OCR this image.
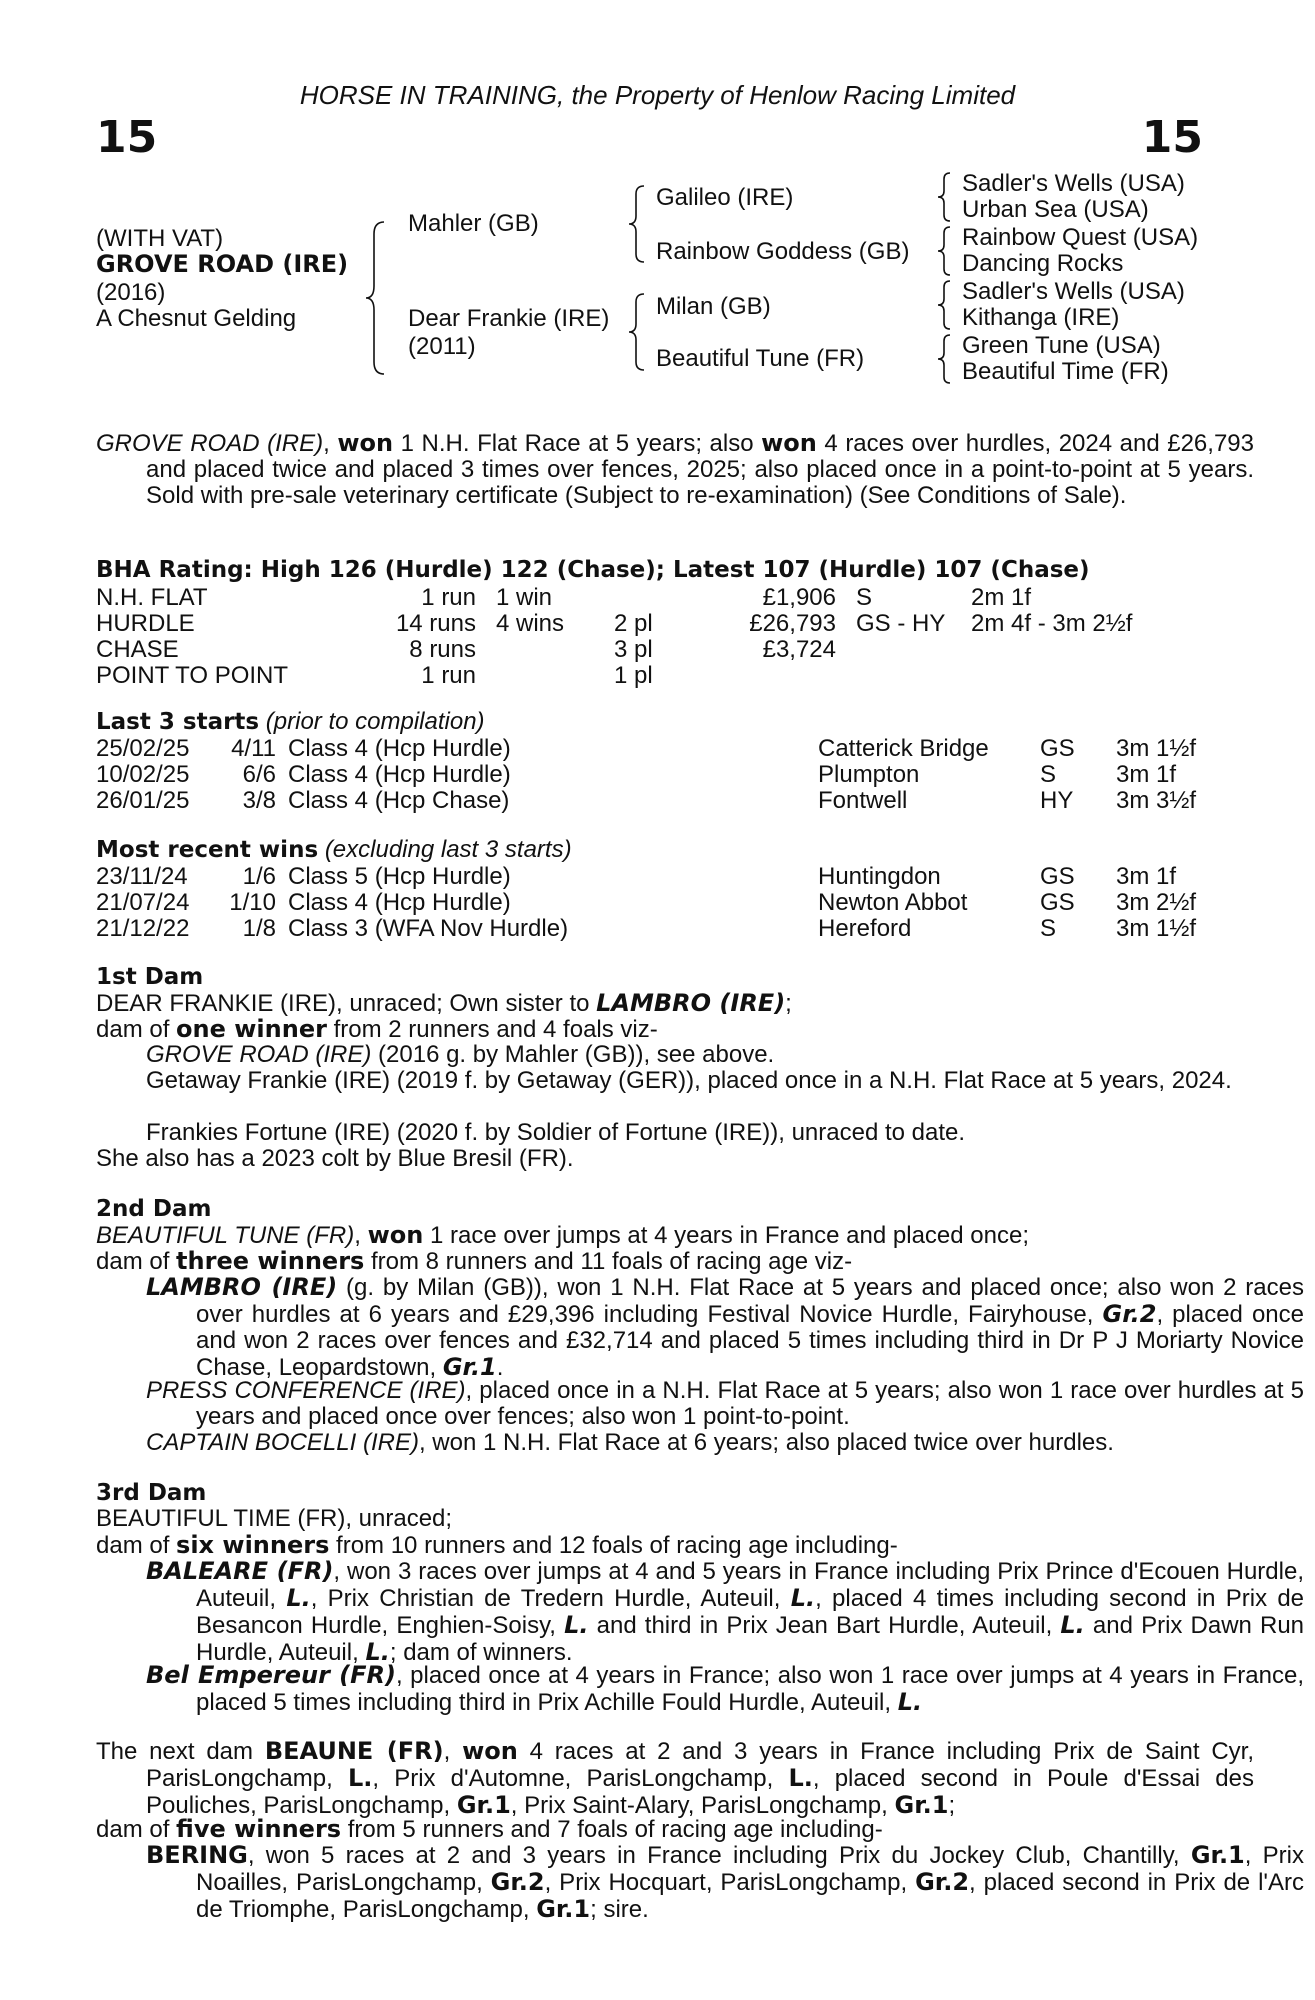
15	15
HORSE IN TRAINING, the Property of Henlow Racing Limited
(WITH VAT)
GROVE ROAD (IRE)
(2016)
A Chesnut Gelding
Mahler (GB)
Dear Frankie (IRE)
(2011)
Galileo (IRE)
Rainbow Goddess (GB)
Milan (GB)
Beautiful Tune (FR)
Sadler's Wells (USA)
Urban Sea (USA)
Rainbow Quest (USA)
Dancing Rocks
Sadler's Wells (USA)
Kithanga (IRE)
Green Tune (USA)
Beautiful Time (FR)
GROVE ROAD (IRE), won 1 N.H. Flat Race at 5 years; also won 4 races over hurdles, 2024 and £26,793 and placed twice and placed 3 times over fences, 2025; also placed once in a point-to-point at 5 years. Sold with pre-sale veterinary certificate (Subject to re-examination) (See Conditions of Sale).
BHA Rating: High 126 (Hurdle) 122 (Chase); Latest 107 (Hurdle) 107 (Chase)
N.H. FLAT	1 run 1 win	£1,906 S	2m 1f
HURDLE	14 runs 4 wins 2 pl	£26,793 GS - HY 2m 4f - 3m 2½f
CHASE	8 runs	3 pl	£3,724
POINT TO POINT	1 run	1 pl
Last 3 starts (prior to compilation)
25/02/25	4/11 Class 4 (Hcp Hurdle)	Catterick Bridge GS 3m 1½f
10/02/25	6/6 Class 4 (Hcp Hurdle)	Plumpton	S 3m 1f
26/01/25	3/8 Class 4 (Hcp Chase)	Fontwell	HY 3m 3½f
Most recent wins (excluding last 3 starts)
23/11/24	1/6 Class 5 (Hcp Hurdle)	Huntingdon	GS 3m 1f
21/07/24	1/10 Class 4 (Hcp Hurdle)	Newton Abbot	GS 3m 2½f
21/12/22	1/8 Class 3 (WFA Nov Hurdle)	Hereford	S 3m 1½f
1st Dam
DEAR FRANKIE (IRE), unraced; Own sister to LAMBRO (IRE);
dam of one winner from 2 runners and 4 foals viz-
GROVE ROAD (IRE) (2016 g. by Mahler (GB)), see above.
Getaway Frankie (IRE) (2019 f. by Getaway (GER)), placed once in a N.H. Flat Race at 5 years, 2024.
Frankies Fortune (IRE) (2020 f. by Soldier of Fortune (IRE)), unraced to date.
She also has a 2023 colt by Blue Bresil (FR).
2nd Dam
BEAUTIFUL TUNE (FR), won 1 race over jumps at 4 years in France and placed once;
dam of three winners from 8 runners and 11 foals of racing age viz-
LAMBRO (IRE) (g. by Milan (GB)), won 1 N.H. Flat Race at 5 years and placed once; also won 2 races over hurdles at 6 years and £29,396 including Festival Novice Hurdle, Fairyhouse, Gr.2, placed once and won 2 races over fences and £32,714 and placed 5 times including third in Dr P J Moriarty Novice Chase, Leopardstown, Gr.1.
PRESS CONFERENCE (IRE), placed once in a N.H. Flat Race at 5 years; also won 1 race over hurdles at 5 years and placed once over fences; also won 1 point-to-point.
CAPTAIN BOCELLI (IRE), won 1 N.H. Flat Race at 6 years; also placed twice over hurdles.
3rd Dam
BEAUTIFUL TIME (FR), unraced;
dam of six winners from 10 runners and 12 foals of racing age including-
BALEARE (FR), won 3 races over jumps at 4 and 5 years in France including Prix Prince d'Ecouen Hurdle, Auteuil, L., Prix Christian de Tredern Hurdle, Auteuil, L., placed 4 times including second in Prix de Besancon Hurdle, Enghien-Soisy, L. and third in Prix Jean Bart Hurdle, Auteuil, L. and Prix Dawn Run Hurdle, Auteuil, L.; dam of winners.
Bel Empereur (FR), placed once at 4 years in France; also won 1 race over jumps at 4 years in France, placed 5 times including third in Prix Achille Fould Hurdle, Auteuil, L.
The next dam BEAUNE (FR), won 4 races at 2 and 3 years in France including Prix de Saint Cyr, ParisLongchamp, L., Prix d'Automne, ParisLongchamp, L., placed second in Poule d'Essai des Pouliches, ParisLongchamp, Gr.1, Prix Saint-Alary, ParisLongchamp, Gr.1;
dam of five winners from 5 runners and 7 foals of racing age including-
BERING, won 5 races at 2 and 3 years in France including Prix du Jockey Club, Chantilly, Gr.1, Prix Noailles, ParisLongchamp, Gr.2, Prix Hocquart, ParisLongchamp, Gr.2, placed second in Prix de l'Arc de Triomphe, ParisLongchamp, Gr.1; sire.
